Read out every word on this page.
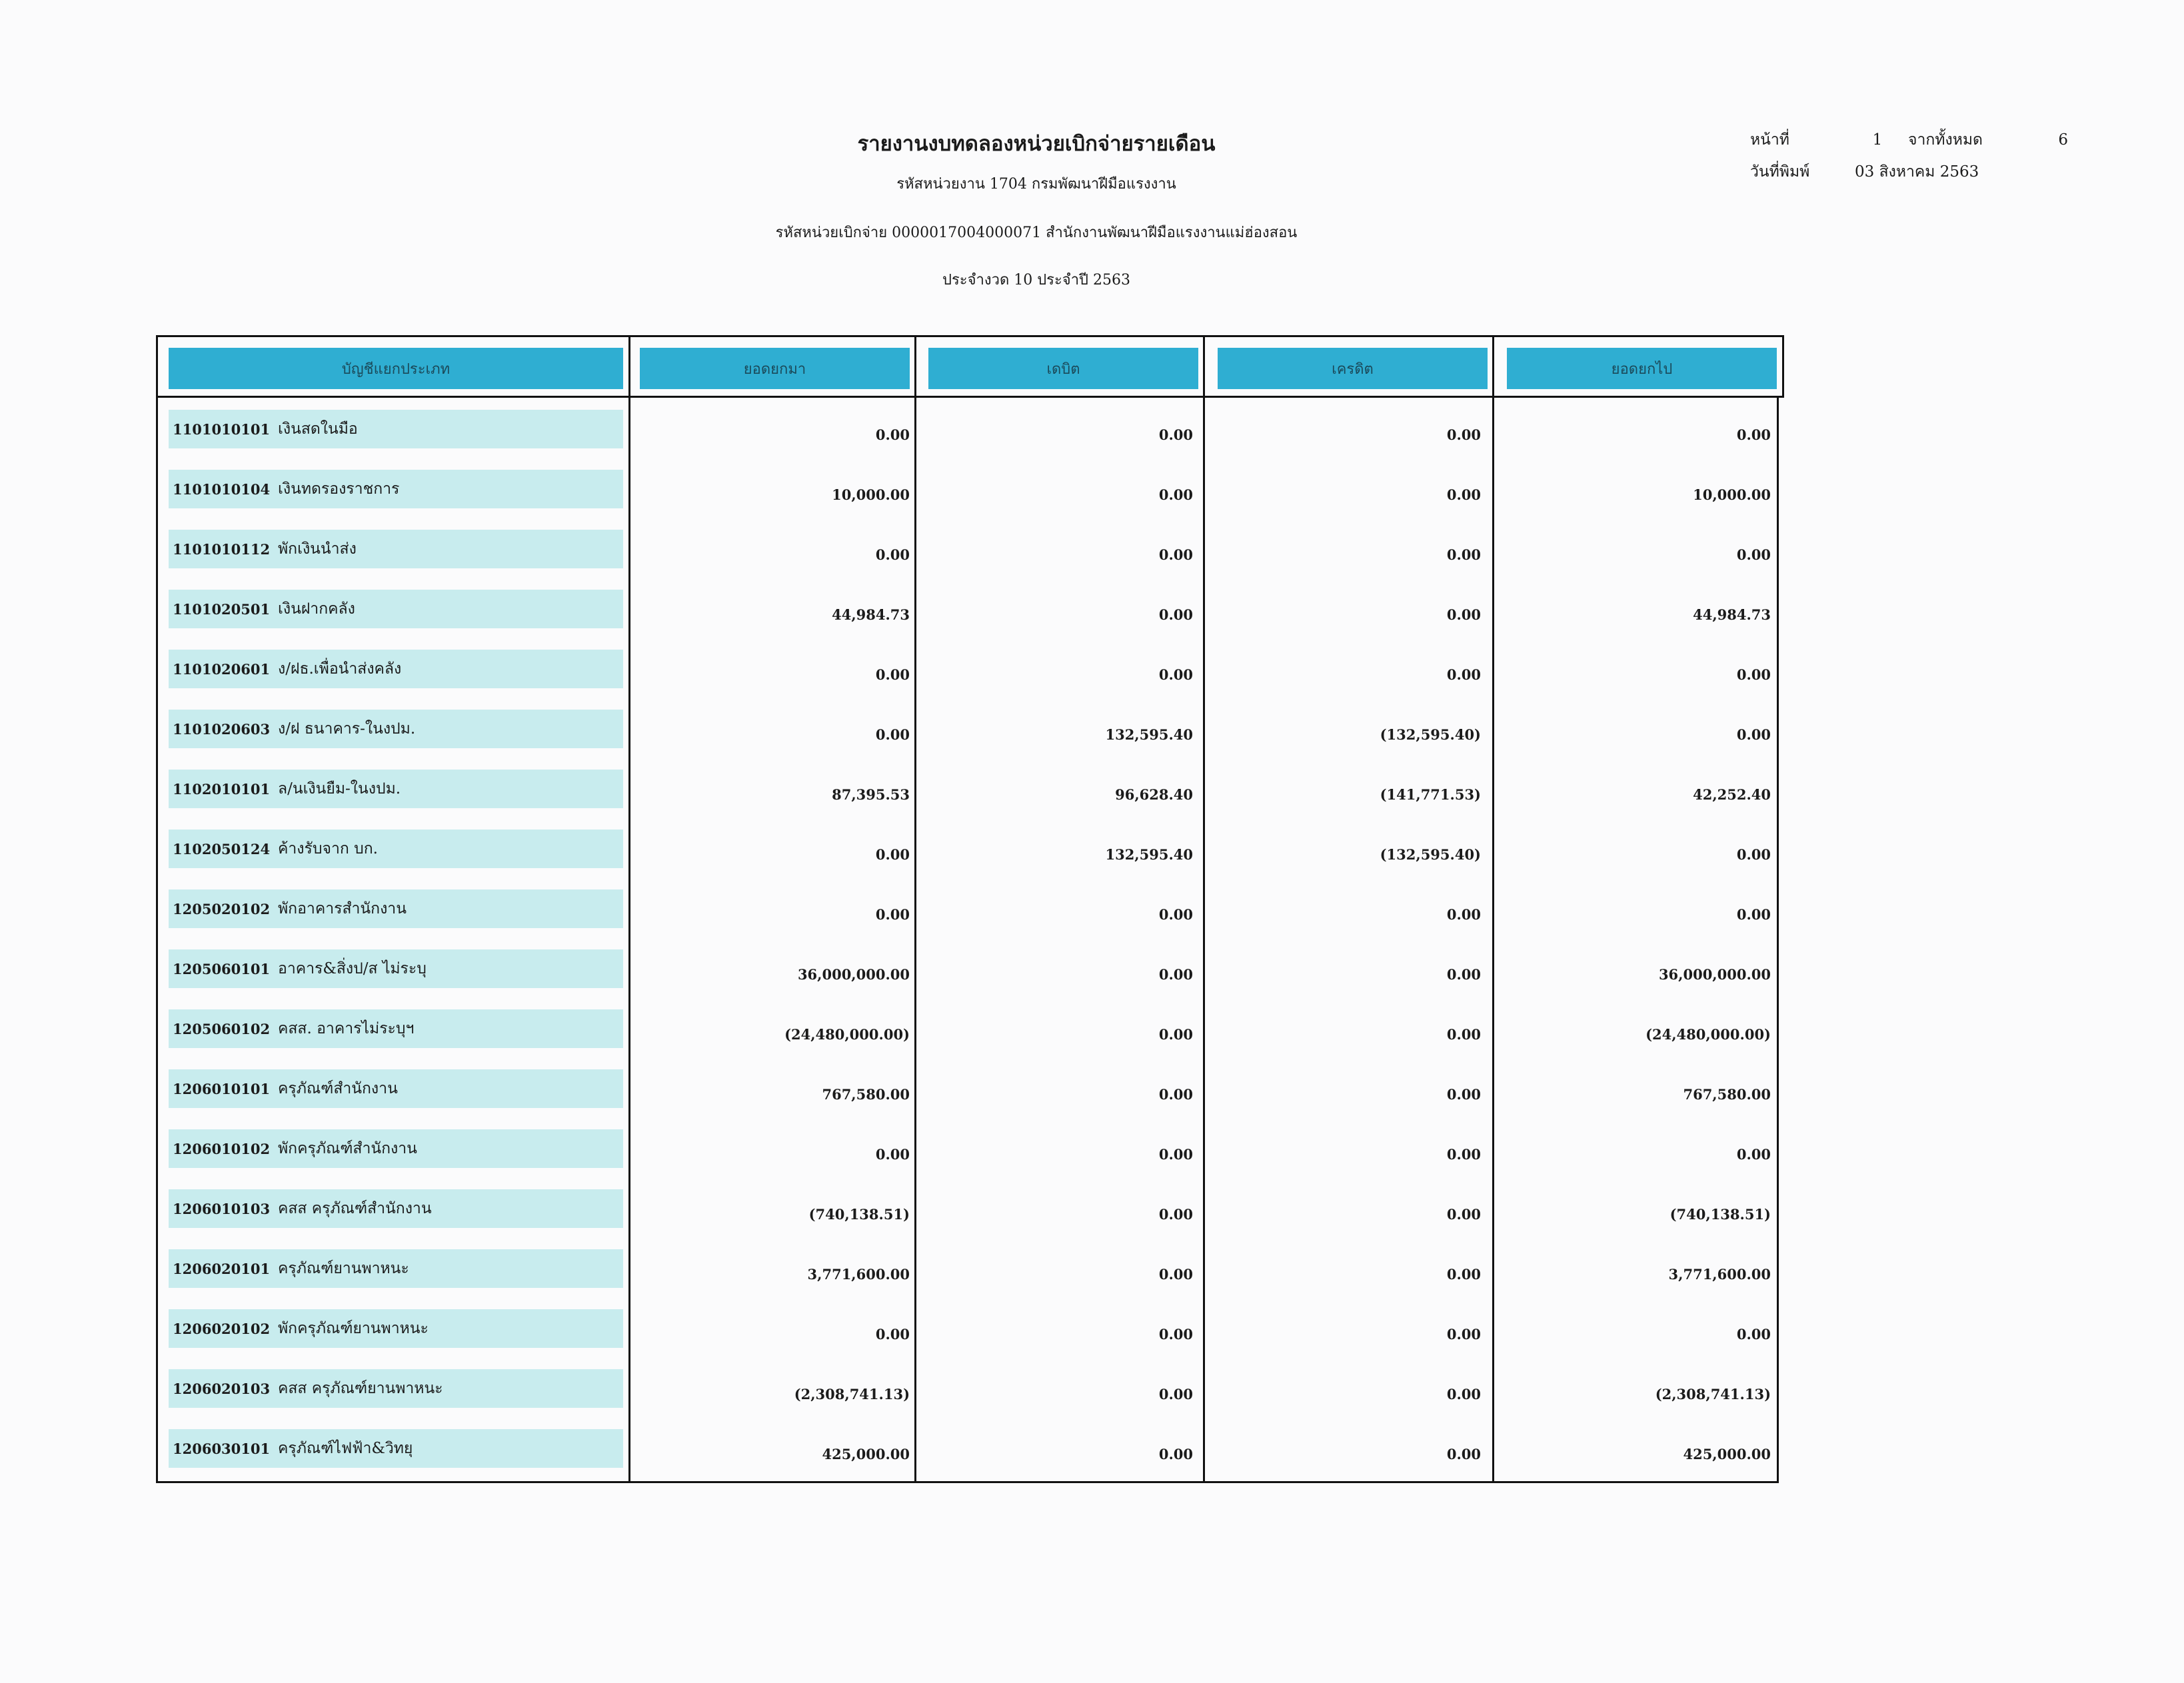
รายงานงบทดลองหน่วยเบิกจ่ายรายเดือน
รหัสหน่วยงาน 1704 กรมพัฒนาฝีมือแรงงาน
รหัสหน่วยเบิกจ่าย 0000017004000071 สำนักงานพัฒนาฝีมือแรงงานแม่ฮ่องสอน
ประจำงวด 10 ประจำปี 2563
หน้าที่	1	จากทั้งหมด	6
วันที่พิมพ์	03 สิงหาคม 2563
บัญชีแยกประเภท	ยอดยกมา	เดบิต	เครดิต	ยอดยกไป
1101010101 เงินสดในมือ	0.00	0.00	0.00	0.00
1101010104 เงินทดรองราชการ	10,000.00	0.00	0.00	10,000.00
1101010112 พักเงินนำส่ง	0.00	0.00	0.00	0.00
1101020501 เงินฝากคลัง	44,984.73	0.00	0.00	44,984.73
1101020601 ง/ฝธ.เพื่อนำส่งคลัง	0.00	0.00	0.00	0.00
1101020603 ง/ฝ ธนาคาร-ในงปม.	0.00	132,595.40	(132,595.40)	0.00
1102010101 ล/นเงินยืม-ในงปม.	87,395.53	96,628.40	(141,771.53)	42,252.40
1102050124 ค้างรับจาก บก.	0.00	132,595.40	(132,595.40)	0.00
1205020102 พักอาคารสำนักงาน	0.00	0.00	0.00	0.00
1205060101 อาคาร&สิ่งป/ส ไม่ระบุ	36,000,000.00	0.00	0.00	36,000,000.00
1205060102 คสส. อาคารไม่ระบุฯ	(24,480,000.00)	0.00	0.00	(24,480,000.00)
1206010101 ครุภัณฑ์สำนักงาน	767,580.00	0.00	0.00	767,580.00
1206010102 พักครุภัณฑ์สำนักงาน	0.00	0.00	0.00	0.00
1206010103 คสส ครุภัณฑ์สำนักงาน	(740,138.51)	0.00	0.00	(740,138.51)
1206020101 ครุภัณฑ์ยานพาหนะ	3,771,600.00	0.00	0.00	3,771,600.00
1206020102 พักครุภัณฑ์ยานพาหนะ	0.00	0.00	0.00	0.00
1206020103 คสส ครุภัณฑ์ยานพาหนะ	(2,308,741.13)	0.00	0.00	(2,308,741.13)
1206030101 ครุภัณฑ์ไฟฟ้า&วิทยุ	425,000.00	0.00	0.00	425,000.00
